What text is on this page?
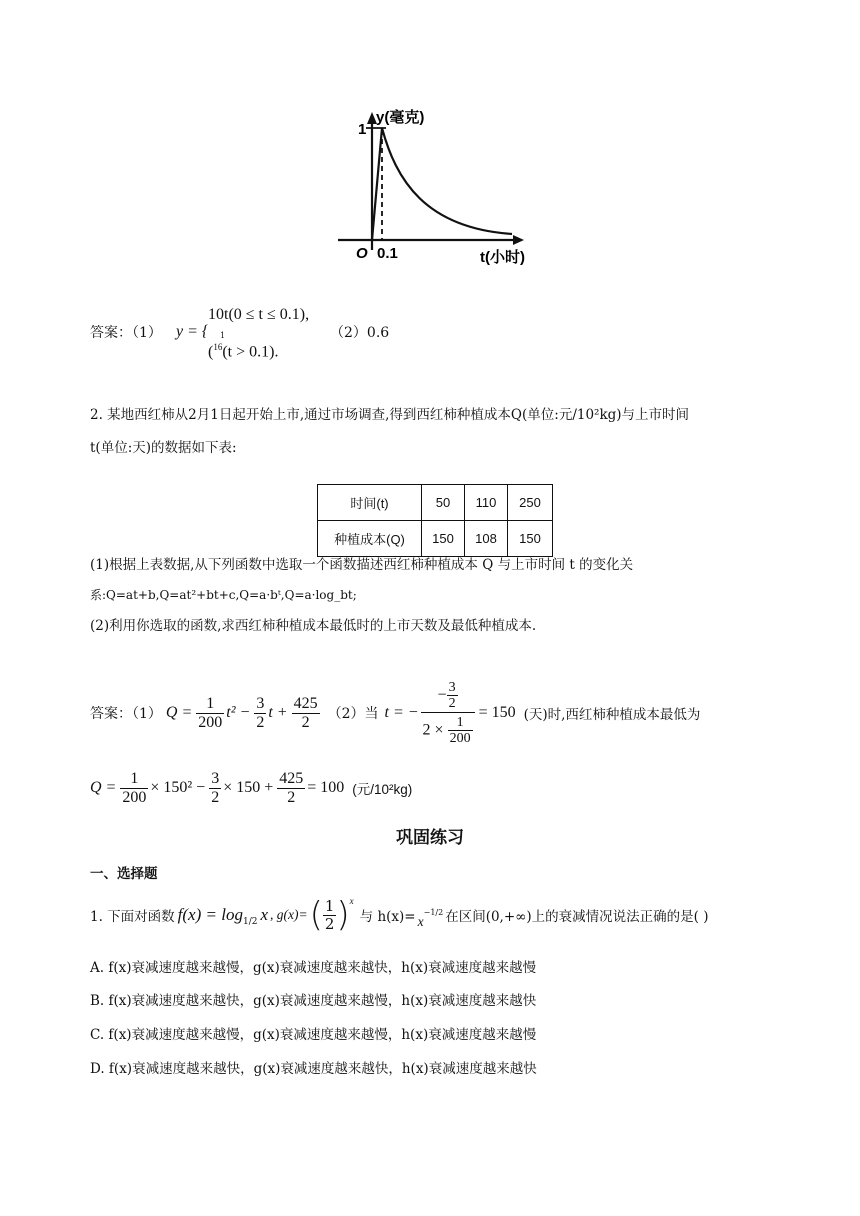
y(毫克)
t(小时)
O
1
0.1
答案：（1） y = {
10t(0 ≤ t ≤ 0.1),
1
($^{16}$(t > 0.1).
（2）0.6
2. 某地西红柿从2月1日起开始上市,通过市场调查,得到西红柿种植成本Q(单位:元/10²kg)与上市时间
t(单位:天)的数据如下表:
时间(t)	50	110	250
种植成本(Q)	150	108	150
(1)根据上表数据,从下列函数中选取一个函数描述西红柿种植成本 Q 与上市时间 t 的变化关
系:Q=at+b,Q=at²+bt+c,Q=a·bᵗ,Q=a·log_bt;
(2)利用你选取的函数,求西红柿种植成本最低时的上市天数及最低种植成本.
答案：（1） $Q = \frac{1}{200} t^2 - \frac{3}{2}$ $t + \frac{425}{2} (2)$当 t = − $\frac{- \frac{3}{2}}{2 \times \frac{1}{200}} = 150$ (天)时,西红柿种植成本最低为
$Q = \frac{1}{200} \times 150^2 - \frac{3}{2} \times 150 + \frac{425}{2} = 100$ (元/10²kg)
巩固练习
一、选择题
1. 下面对函数 f(x) = log 1/2 x , g(x)= ( $\frac{1}{2}$ ) x
与 h(x)= x
−1/2 在区间(0,+∞)上的衰减情况说法正确的是( )
A. f(x)衰减速度越来越慢，g(x)衰减速度越来越快，h(x)衰减速度越来越慢
B. f(x)衰减速度越来越快，g(x)衰减速度越来越慢，h(x)衰减速度越来越快
C. f(x)衰减速度越来越慢，g(x)衰减速度越来越慢，h(x)衰减速度越来越慢
D. f(x)衰减速度越来越快，g(x)衰减速度越来越快，h(x)衰减速度越来越快
